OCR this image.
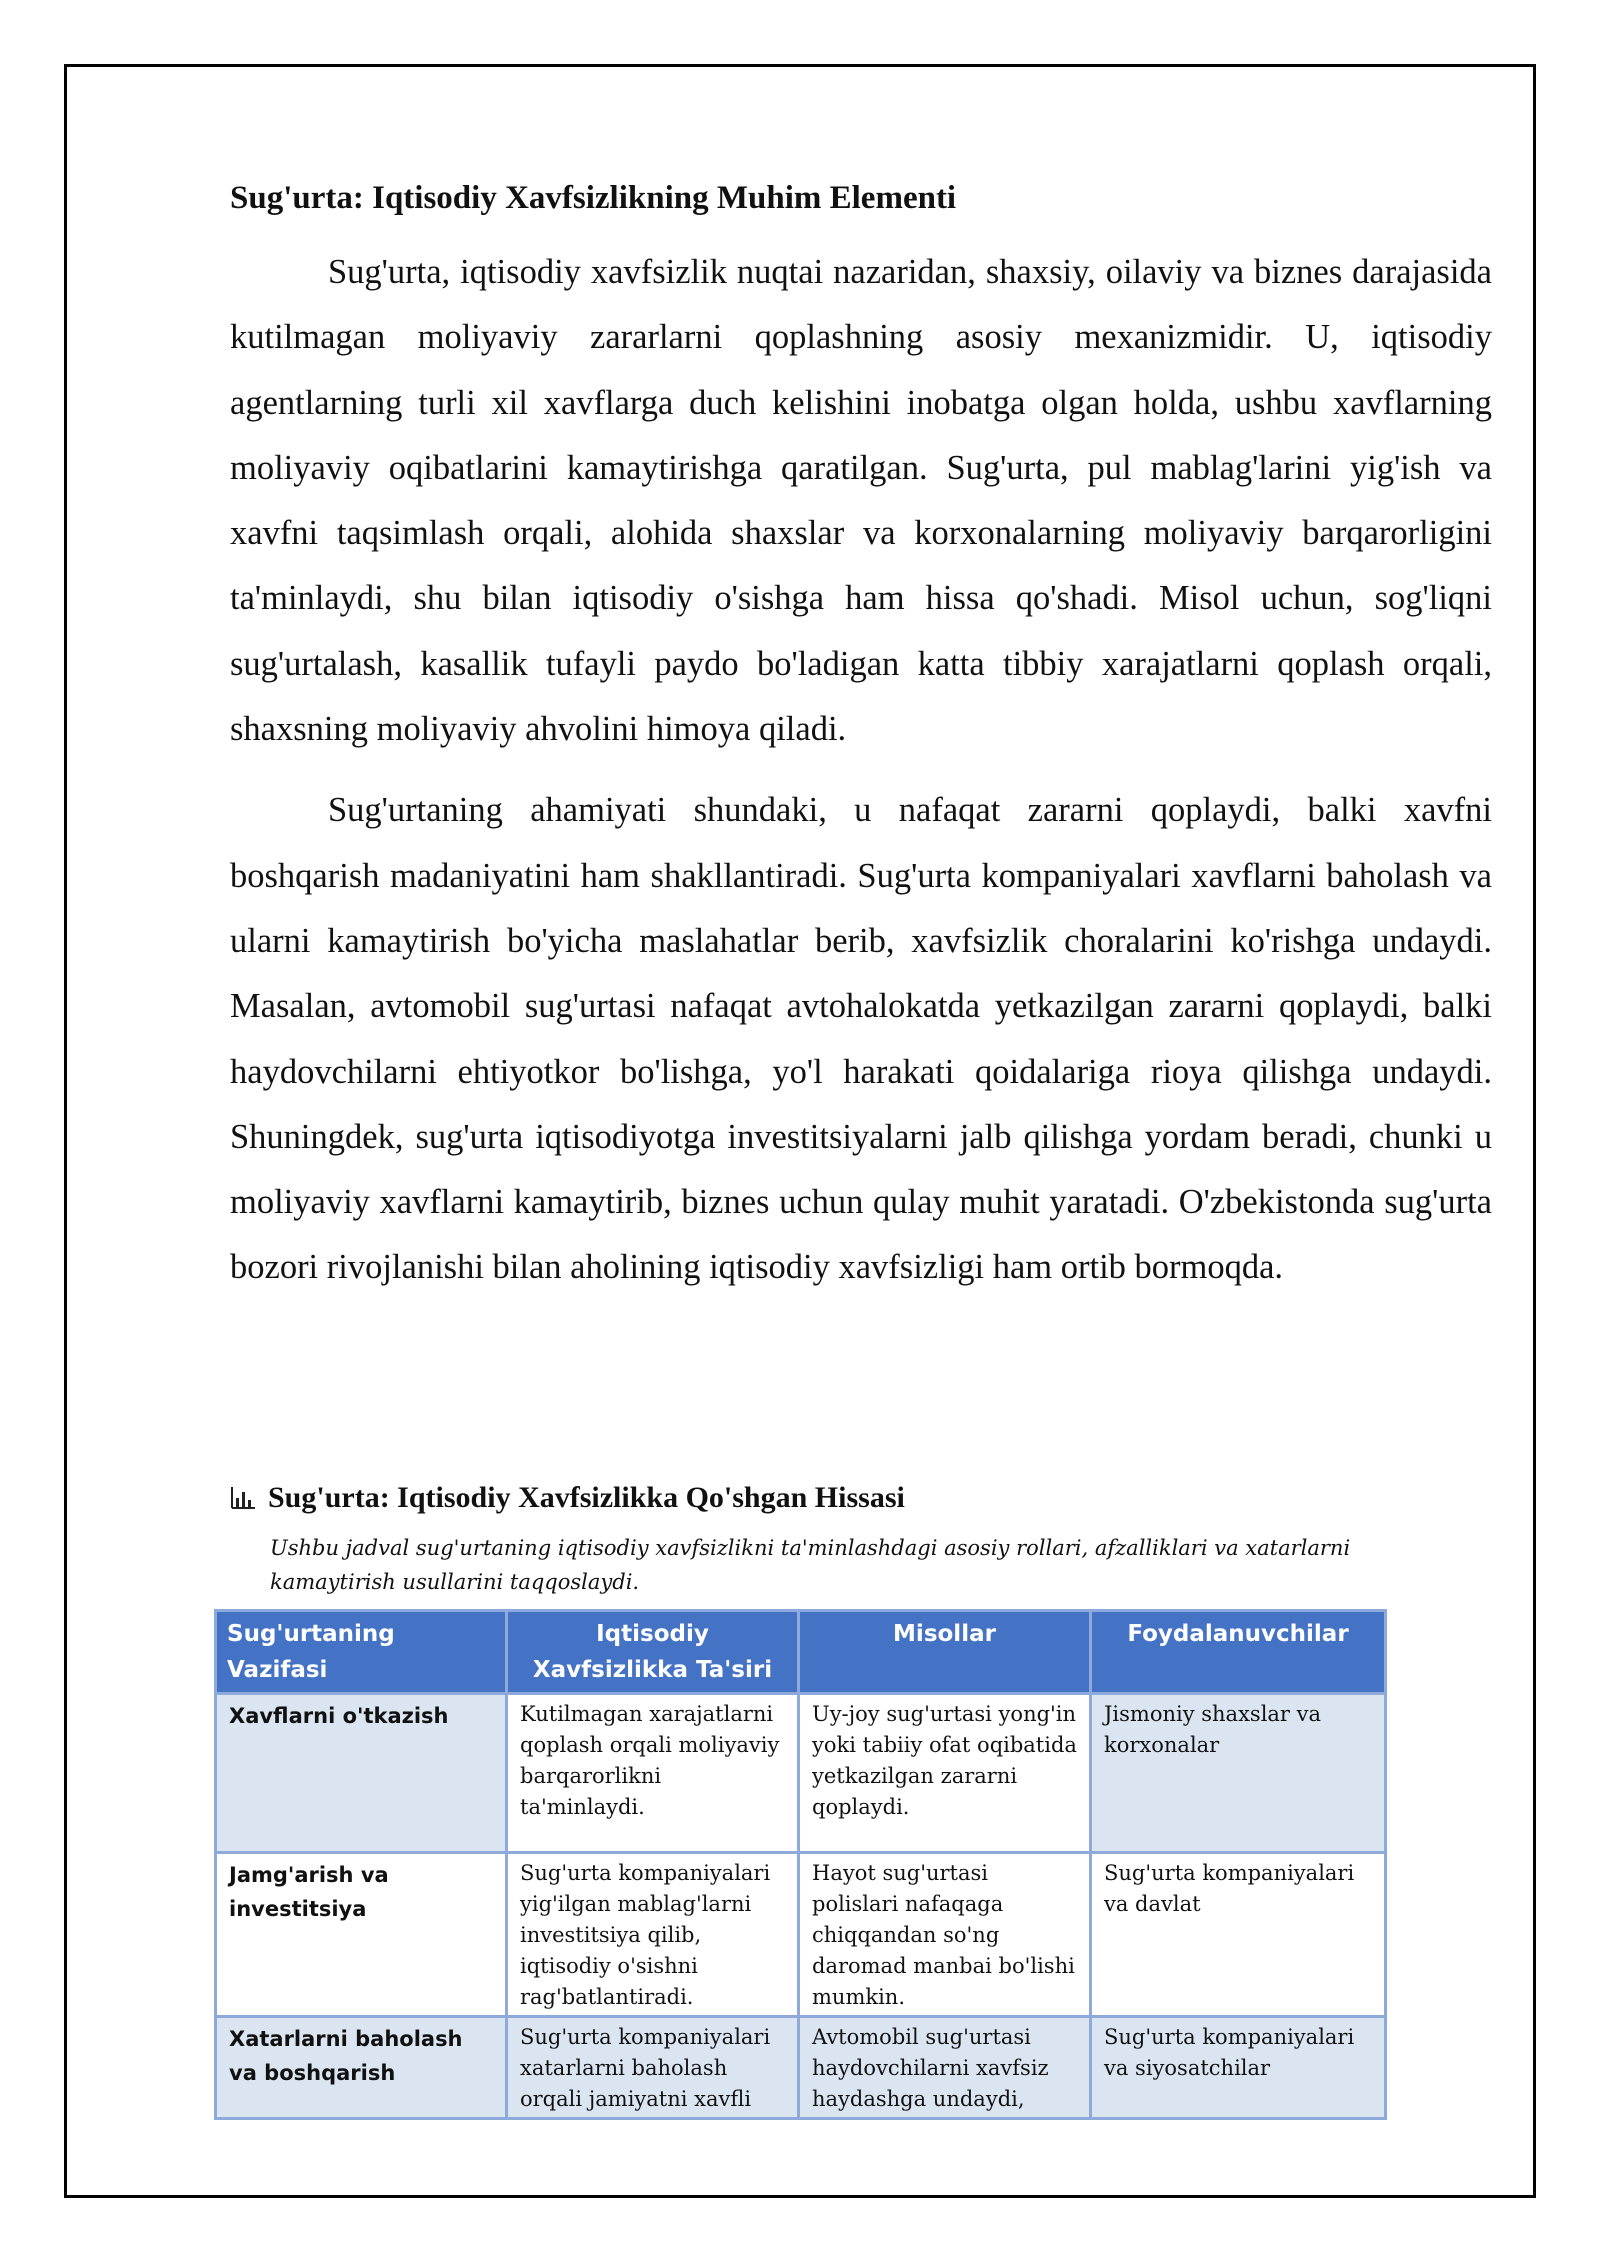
Sug'urta: Iqtisodiy Xavfsizlikning Muhim Elementi

Sug'urta, iqtisodiy xavfsizlik nuqtai nazaridan, shaxsiy, oilaviy va biznes darajasida kutilmagan moliyaviy zararlarni qoplashning asosiy mexanizmidir. U, iqtisodiy agentlarning turli xil xavflarga duch kelishini inobatga olgan holda, ushbu xavflarning moliyaviy oqibatlarini kamaytirishga qaratilgan. Sug'urta, pul mablag'larini yig'ish va xavfni taqsimlash orqali, alohida shaxslar va korxonalarning moliyaviy barqarorligini ta'minlaydi, shu bilan iqtisodiy o'sishga ham hissa qo'shadi. Misol uchun, sog'liqni sug'urtalash, kasallik tufayli paydo bo'ladigan katta tibbiy xarajatlarni qoplash orqali, shaxsning moliyaviy ahvolini himoya qiladi.

Sug'urtaning ahamiyati shundaki, u nafaqat zararni qoplaydi, balki xavfni boshqarish madaniyatini ham shakllantiradi. Sug'urta kompaniyalari xavflarni baholash va ularni kamaytirish bo'yicha maslahatlar berib, xavfsizlik choralarini ko'rishga undaydi. Masalan, avtomobil sug'urtasi nafaqat avtohalokatda yetkazilgan zararni qoplaydi, balki haydovchilarni ehtiyotkor bo'lishga, yo'l harakati qoidalariga rioya qilishga undaydi. Shuningdek, sug'urta iqtisodiyotga investitsiyalarni jalb qilishga yordam beradi, chunki u moliyaviy xavflarni kamaytirib, biznes uchun qulay muhit yaratadi. O'zbekistonda sug'urta bozori rivojlanishi bilan aholining iqtisodiy xavfsizligi ham ortib bormoqda.

Sug'urta: Iqtisodiy Xavfsizlikka Qo'shgan Hissasi
Ushbu jadval sug'urtaning iqtisodiy xavfsizlikni ta'minlashdagi asosiy rollari, afzalliklari va xatarlarni kamaytirish usullarini taqqoslaydi.
Sug'urtaning Vazifasi	Iqtisodiy Xavfsizlikka Ta'siri	Misollar	Foydalanuvchilar
Xavflarni o'tkazish	Kutilmagan xarajatlarni qoplash orqali moliyaviy barqarorlikni ta'minlaydi.	Uy-joy sug'urtasi yong'in yoki tabiiy ofat oqibatida yetkazilgan zararni qoplaydi.	Jismoniy shaxslar va korxonalar
Jamg'arish va investitsiya	Sug'urta kompaniyalari yig'ilgan mablag'larni investitsiya qilib, iqtisodiy o'sishni rag'batlantiradi.	Hayot sug'urtasi polislari nafaqaga chiqqandan so'ng daromad manbai bo'lishi mumkin.	Sug'urta kompaniyalari va davlat
Xatarlarni baholash va boshqarish	Sug'urta kompaniyalari xatarlarni baholash orqali jamiyatni xavfli	Avtomobil sug'urtasi haydovchilarni xavfsiz haydashga undaydi,	Sug'urta kompaniyalari va siyosatchilar
